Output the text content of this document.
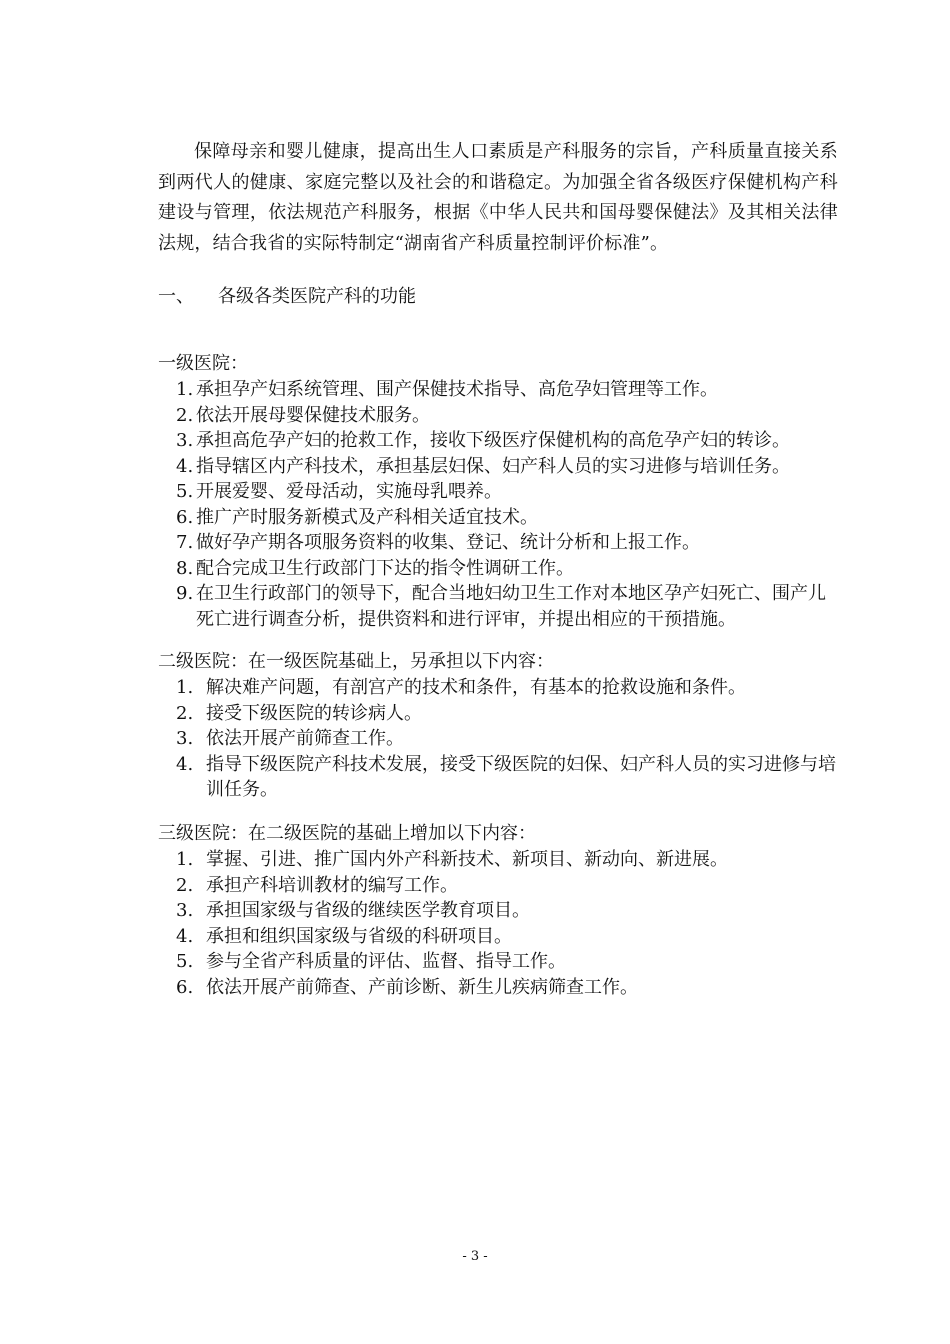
保障母亲和婴儿健康，提高出生人口素质是产科服务的宗旨，产科质量直接关系到两代人的健康、家庭完整以及社会的和谐稳定。为加强全省各级医疗保健机构产科建设与管理，依法规范产科服务，根据《中华人民共和国母婴保健法》及其相关法律法规，结合我省的实际特制定“湖南省产科质量控制评价标准”。

一、 各级各类医院产科的功能

一级医院：

1. 承担孕产妇系统管理、围产保健技术指导、高危孕妇管理等工作。
2. 依法开展母婴保健技术服务。
3. 承担高危孕产妇的抢救工作，接收下级医疗保健机构的高危孕产妇的转诊。
4. 指导辖区内产科技术，承担基层妇保、妇产科人员的实习进修与培训任务。
5. 开展爱婴、爱母活动，实施母乳喂养。
6. 推广产时服务新模式及产科相关适宜技术。
7. 做好孕产期各项服务资料的收集、登记、统计分析和上报工作。
8. 配合完成卫生行政部门下达的指令性调研工作。
9. 在卫生行政部门的领导下，配合当地妇幼卫生工作对本地区孕产妇死亡、围产儿死亡进行调查分析，提供资料和进行评审，并提出相应的干预措施。

二级医院：在一级医院基础上，另承担以下内容：

1. 解决难产问题，有剖宫产的技术和条件，有基本的抢救设施和条件。
2. 接受下级医院的转诊病人。
3. 依法开展产前筛查工作。
4. 指导下级医院产科技术发展，接受下级医院的妇保、妇产科人员的实习进修与培训任务。

三级医院：在二级医院的基础上增加以下内容：

1. 掌握、引进、推广国内外产科新技术、新项目、新动向、新进展。
2. 承担产科培训教材的编写工作。
3. 承担国家级与省级的继续医学教育项目。
4. 承担和组织国家级与省级的科研项目。
5. 参与全省产科质量的评估、监督、指导工作。
6. 依法开展产前筛查、产前诊断、新生儿疾病筛查工作。

- 3 -
